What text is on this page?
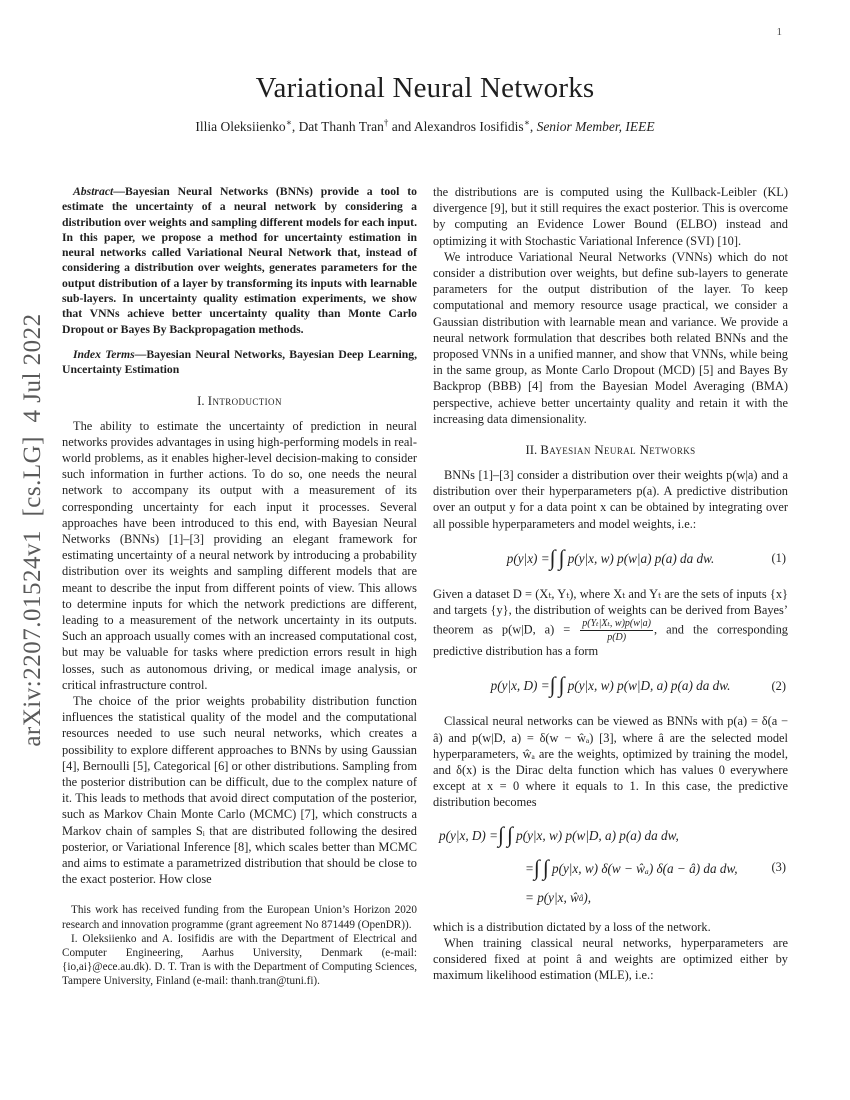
1
arXiv:2207.01524v1  [cs.LG]  4 Jul 2022
Variational Neural Networks
Illia Oleksiienko∗, Dat Thanh Tran† and Alexandros Iosifidis∗, Senior Member, IEEE

Abstract—Bayesian Neural Networks (BNNs) provide a tool to estimate the uncertainty of a neural network by considering a distribution over weights and sampling different models for each input. In this paper, we propose a method for uncertainty estimation in neural networks called Variational Neural Network that, instead of considering a distribution over weights, generates parameters for the output distribution of a layer by transforming its inputs with learnable sub-layers. In uncertainty quality estimation experiments, we show that VNNs achieve better uncertainty quality than Monte Carlo Dropout or Bayes By Backpropagation methods.

Index Terms—Bayesian Neural Networks, Bayesian Deep Learning, Uncertainty Estimation

I. Introduction

The ability to estimate the uncertainty of prediction in neural networks provides advantages in using high-performing models in real-world problems, as it enables higher-level decision-making to consider such information in further actions. To do so, one needs the neural network to accompany its output with a measurement of its corresponding uncertainty for each input it processes. Several approaches have been introduced to this end, with Bayesian Neural Networks (BNNs) [1]–[3] providing an elegant framework for estimating uncertainty of a neural network by introducing a probability distribution over its weights and sampling different models that are meant to describe the input from different points of view. This allows to determine inputs for which the network predictions are different, leading to a measurement of the network uncertainty in its outputs. Such an approach usually comes with an increased computational cost, but may be valuable for tasks where prediction errors result in high losses, such as autonomous driving, or medical image analysis, or critical infrastructure control.

The choice of the prior weights probability distribution function influences the statistical quality of the model and the computational resources needed to use such neural networks, which creates a possibility to explore different approaches to BNNs by using Gaussian [4], Bernoulli [5], Categorical [6] or other distributions. Sampling from the posterior distribution can be difficult, due to the complex nature of it. This leads to methods that avoid direct computation of the posterior, such as Markov Chain Monte Carlo (MCMC) [7], which constructs a Markov chain of samples Sᵢ that are distributed following the desired posterior, or Variational Inference [8], which scales better than MCMC and aims to estimate a parametrized distribution that should be close to the exact posterior. How close

This work has received funding from the European Union’s Horizon 2020 research and innovation programme (grant agreement No 871449 (OpenDR)).

I. Oleksiienko and A. Iosifidis are with the Department of Electrical and Computer Engineering, Aarhus University, Denmark (e-mail: {io,ai}@ece.au.dk). D. T. Tran is with the Department of Computing Sciences, Tampere University, Finland (e-mail: thanh.tran@tuni.fi).

the distributions are is computed using the Kullback-Leibler (KL) divergence [9], but it still requires the exact posterior. This is overcome by computing an Evidence Lower Bound (ELBO) instead and optimizing it with Stochastic Variational Inference (SVI) [10].

We introduce Variational Neural Networks (VNNs) which do not consider a distribution over weights, but define sub-layers to generate parameters for the output distribution of the layer. To keep computational and memory resource usage practical, we consider a Gaussian distribution with learnable mean and variance. We provide a neural network formulation that describes both related BNNs and the proposed VNNs in a unified manner, and show that VNNs, while being in the same group, as Monte Carlo Dropout (MCD) [5] and Bayes By Backprop (BBB) [4] from the Bayesian Model Averaging (BMA) perspective, achieve better uncertainty quality and retain it with the increasing data dimensionality.

II. Bayesian Neural Networks

BNNs [1]–[3] consider a distribution over their weights p(w|a) and a distribution over their hyperparameters p(a). A predictive distribution over an output y for a data point x can be obtained by integrating over all possible hyperparameters and model weights, i.e.:

p(y|x) = ∫∫ p(y|x, w) p(w|a) p(a) da dw.	(1)

Given a dataset D = (Xₜ, Yₜ), where Xₜ and Yₜ are the sets of inputs {x} and targets {y}, the distribution of weights can be derived from Bayes’ theorem as p(w|D, $a) = \frac{\text{p(Yₜ|Xₜ, w)p(w|a)}}{p(D)}$ , and the corresponding predictive distribution has a form

p(y|x, D) = ∫∫ p(y|x, w) p(w|D, a) p(a) da dw.	(2)

Classical neural networks can be viewed as BNNs with p(a) = δ(a − â) and p(w|D, a) = δ(w − ŵₐ) [3], where â are the selected model hyperparameters, ŵₐ are the weights, optimized by training the model, and δ(x) is the Dirac delta function which has values 0 everywhere except at x = 0 where it equals to 1. In this case, the predictive distribution becomes

p(y|x, D) = ∫∫ p(y|x, w) p(w|D, a) p(a) da dw,
= ∫∫ p(y|x, w) δ(w − ŵₐ) δ(a − â) da dw,
= p(y|x, ŵ â ),
(3)

which is a distribution dictated by a loss of the network.

When training classical neural networks, hyperparameters are considered fixed at point â and weights are optimized either by maximum likelihood estimation (MLE), i.e.:
